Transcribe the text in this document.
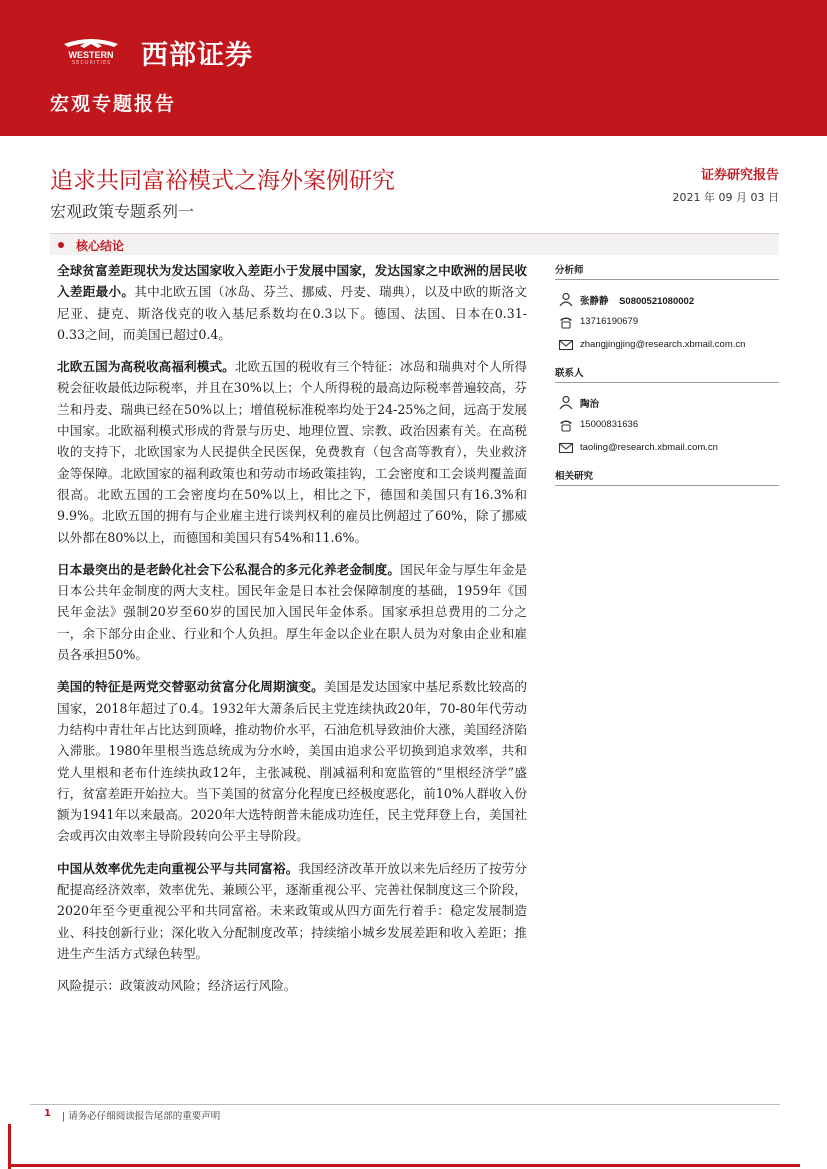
WESTERN
SECURITIES 西部证券
宏观专题报告
追求共同富裕模式之海外案例研究
宏观政策专题系列一
证券研究报告
2021 年 09 月 03 日
核心结论

全球贫富差距现状为发达国家收入差距小于发展中国家，发达国家之中欧洲的居民收入差距最小。其中北欧五国（冰岛、芬兰、挪威、丹麦、瑞典），以及中欧的斯洛文尼亚、捷克、斯洛伐克的收入基尼系数均在0.3以下。德国、法国、日本在0.31-0.33之间，而美国已超过0.4。

北欧五国为高税收高福利模式。北欧五国的税收有三个特征：冰岛和瑞典对个人所得税会征收最低边际税率，并且在30%以上；个人所得税的最高边际税率普遍较高，芬兰和丹麦、瑞典已经在50%以上；增值税标准税率均处于24-25%之间，远高于发展中国家。北欧福利模式形成的背景与历史、地理位置、宗教、政治因素有关。在高税收的支持下，北欧国家为人民提供全民医保，免费教育（包含高等教育），失业救济金等保障。北欧国家的福利政策也和劳动市场政策挂钩，工会密度和工会谈判覆盖面很高。北欧五国的工会密度均在50%以上，相比之下，德国和美国只有16.3%和9.9%。北欧五国的拥有与企业雇主进行谈判权利的雇员比例超过了60%，除了挪威以外都在80%以上，而德国和美国只有54%和11.6%。

日本最突出的是老龄化社会下公私混合的多元化养老金制度。国民年金与厚生年金是日本公共年金制度的两大支柱。国民年金是日本社会保障制度的基础，1959年《国民年金法》强制20岁至60岁的国民加入国民年金体系。国家承担总费用的二分之一，余下部分由企业、行业和个人负担。厚生年金以企业在职人员为对象由企业和雇员各承担50%。

美国的特征是两党交替驱动贫富分化周期演变。美国是发达国家中基尼系数比较高的国家，2018年超过了0.4。1932年大萧条后民主党连续执政20年，70-80年代劳动力结构中青壮年占比达到顶峰，推动物价水平，石油危机导致油价大涨，美国经济陷入滞胀。1980年里根当选总统成为分水岭，美国由追求公平切换到追求效率，共和党人里根和老布什连续执政12年，主张减税、削减福利和宽监管的“里根经济学”盛行，贫富差距开始拉大。当下美国的贫富分化程度已经极度恶化，前10%人群收入份额为1941年以来最高。2020年大选特朗普未能成功连任，民主党拜登上台，美国社会或再次由效率主导阶段转向公平主导阶段。

中国从效率优先走向重视公平与共同富裕。我国经济改革开放以来先后经历了按劳分配提高经济效率，效率优先、兼顾公平，逐渐重视公平、完善社保制度这三个阶段，2020年至今更重视公平和共同富裕。未来政策或从四方面先行着手：稳定发展制造业、科技创新行业；深化收入分配制度改革；持续缩小城乡发展差距和收入差距；推进生产生活方式绿色转型。

风险提示：政策波动风险；经济运行风险。

分析师
张静静 S0800521080002
13716190679
zhangjingjing@research.xbmail.com.cn
联系人
陶治
15000831636
taoling@research.xbmail.com.cn
相关研究
1 | 请务必仔细阅读报告尾部的重要声明
